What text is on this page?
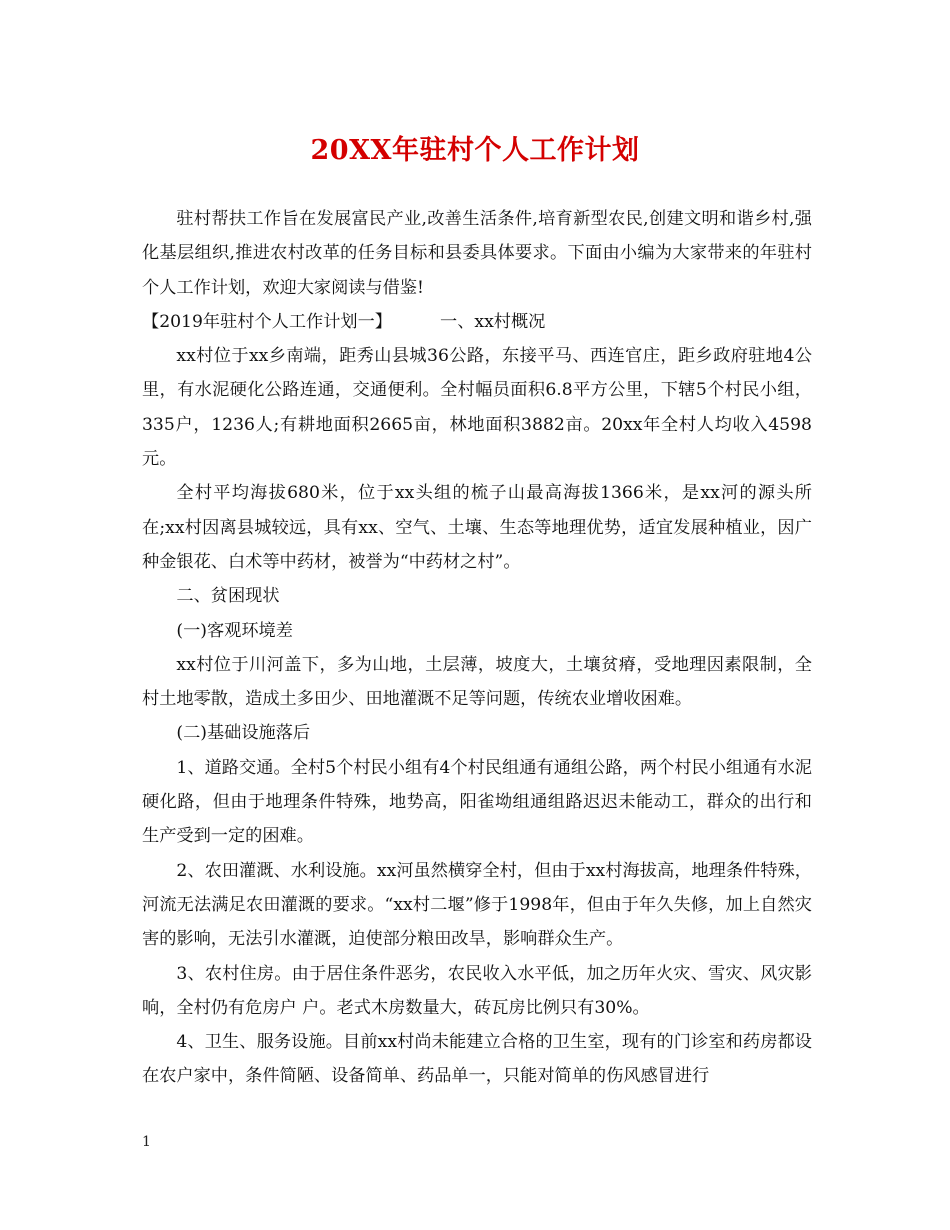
20XX年驻村个人工作计划

驻村帮扶工作旨在发展富民产业,改善生活条件,培育新型农民,创建文明和谐乡村,强化基层组织,推进农村改革的任务目标和县委具体要求。下面由小编为大家带来的年驻村个人工作计划，欢迎大家阅读与借鉴!

【2019年驻村个人工作计划一】	一、xx村概况

xx村位于xx乡南端，距秀山县城36公路，东接平马、西连官庄，距乡政府驻地4公里，有水泥硬化公路连通，交通便利。全村幅员面积6.8平方公里，下辖5个村民小组，335户，1236人;有耕地面积2665亩，林地面积3882亩。20xx年全村人均收入4598元。

全村平均海拔680米，位于xx头组的梳子山最高海拔1366米，是xx河的源头所在;xx村因离县城较远，具有xx、空气、土壤、生态等地理优势，适宜发展种植业，因广种金银花、白术等中药材，被誉为“中药材之村”。

二、贫困现状

(一)客观环境差

xx村位于川河盖下，多为山地，土层薄，坡度大，土壤贫瘠，受地理因素限制，全村土地零散，造成土多田少、田地灌溉不足等问题，传统农业增收困难。

(二)基础设施落后

1、道路交通。全村5个村民小组有4个村民组通有通组公路，两个村民小组通有水泥硬化路，但由于地理条件特殊，地势高，阳雀坳组通组路迟迟未能动工，群众的出行和生产受到一定的困难。

2、农田灌溉、水利设施。xx河虽然横穿全村，但由于xx村海拔高，地理条件特殊，河流无法满足农田灌溉的要求。“xx村二堰”修于1998年，但由于年久失修，加上自然灾害的影响，无法引水灌溉，迫使部分粮田改旱，影响群众生产。

3、农村住房。由于居住条件恶劣，农民收入水平低，加之历年火灾、雪灾、风灾影响，全村仍有危房户 户。老式木房数量大，砖瓦房比例只有30%。

4、卫生、服务设施。目前xx村尚未能建立合格的卫生室，现有的门诊室和药房都设在农户家中，条件简陋、设备简单、药品单一，只能对简单的伤风感冒进行

1
